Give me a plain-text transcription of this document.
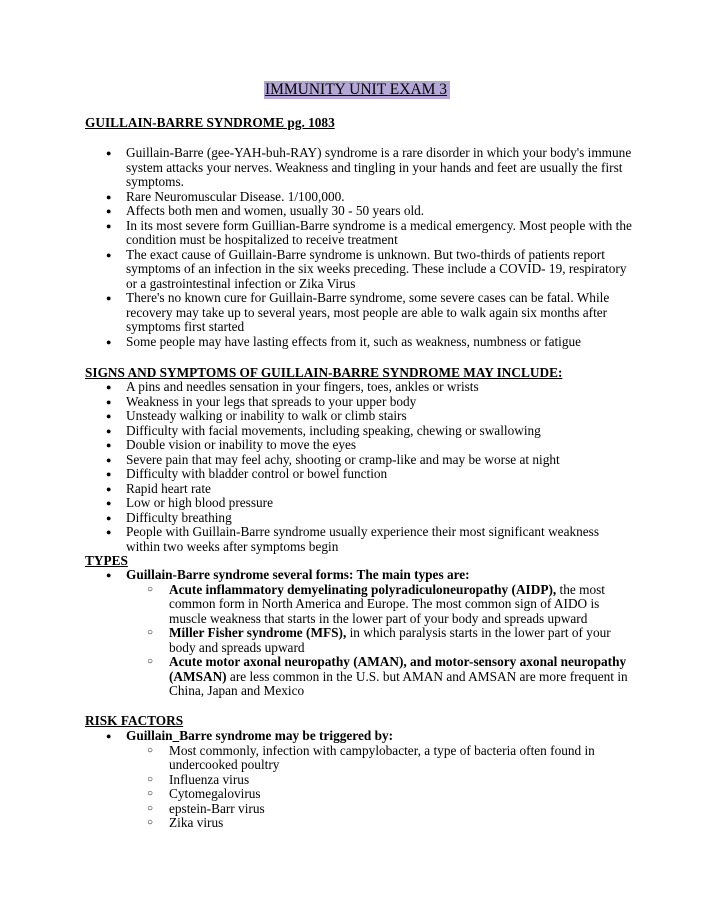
IMMUNITY UNIT EXAM 3
GUILLAIN-BARRE SYNDROME pg. 1083
● Guillain-Barre (gee-YAH-buh-RAY) syndrome is a rare disorder in which your body's immune system attacks your nerves. Weakness and tingling in your hands and feet are usually the first symptoms.
● Rare Neuromuscular Disease. 1/100,000.
● Affects both men and women, usually 30 - 50 years old.
● In its most severe form Guillian-Barre syndrome is a medical emergency. Most people with the condition must be hospitalized to receive treatment
● The exact cause of Guillain-Barre syndrome is unknown. But two-thirds of patients report symptoms of an infection in the six weeks preceding. These include a COVID- 19, respiratory or a gastrointestinal infection or Zika Virus
● There's no known cure for Guillain-Barre syndrome, some severe cases can be fatal. While recovery may take up to several years, most people are able to walk again six months after symptoms first started
● Some people may have lasting effects from it, such as weakness, numbness or fatigue
SIGNS AND SYMPTOMS OF GUILLAIN-BARRE SYNDROME MAY INCLUDE:
● A pins and needles sensation in your fingers, toes, ankles or wrists
● Weakness in your legs that spreads to your upper body
● Unsteady walking or inability to walk or climb stairs
● Difficulty with facial movements, including speaking, chewing or swallowing
● Double vision or inability to move the eyes
● Severe pain that may feel achy, shooting or cramp-like and may be worse at night
● Difficulty with bladder control or bowel function
● Rapid heart rate
● Low or high blood pressure
● Difficulty breathing
● People with Guillain-Barre syndrome usually experience their most significant weakness within two weeks after symptoms begin
TYPES
● Guillain-Barre syndrome several forms: The main types are:
○ Acute inflammatory demyelinating polyradiculoneuropathy (AIDP), the most common form in North America and Europe. The most common sign of AIDO is muscle weakness that starts in the lower part of your body and spreads upward
○ Miller Fisher syndrome (MFS), in which paralysis starts in the lower part of your body and spreads upward
○ Acute motor axonal neuropathy (AMAN), and motor-sensory axonal neuropathy (AMSAN) are less common in the U.S. but AMAN and AMSAN are more frequent in China, Japan and Mexico
RISK FACTORS
● Guillain_Barre syndrome may be triggered by:
○ Most commonly, infection with campylobacter, a type of bacteria often found in undercooked poultry
○ Influenza virus
○ Cytomegalovirus
○ epstein-Barr virus
○ Zika virus
